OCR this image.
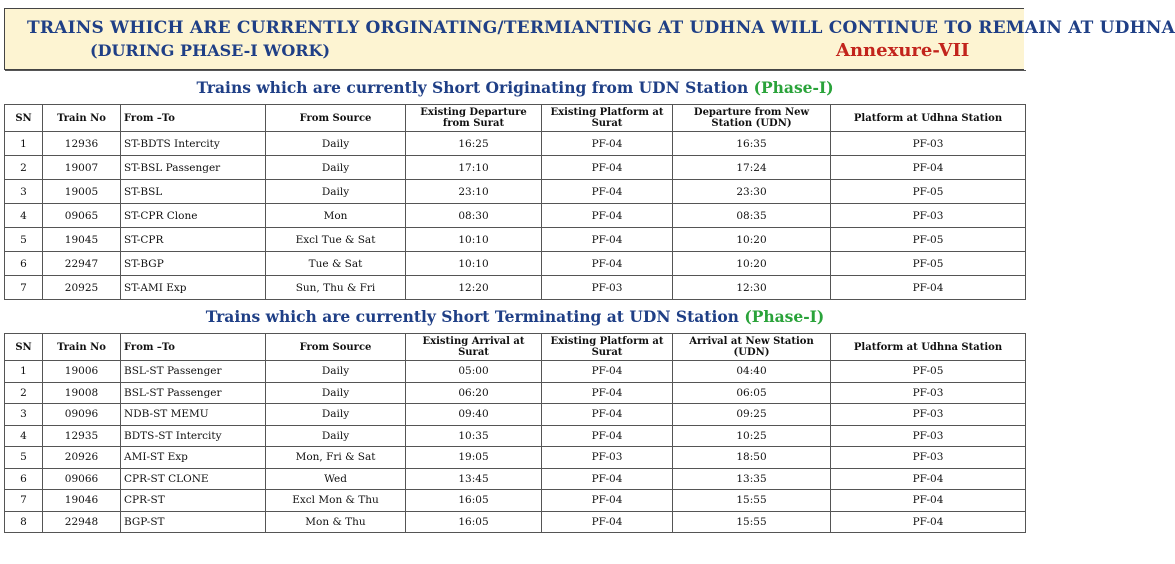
TRAINS WHICH ARE CURRENTLY ORGINATING/TERMIANTING AT UDHNA WILL CONTINUE TO REMAIN AT UDHNA
(DURING PHASE-I WORK)	Annexure-VII
Trains which are currently Short Originating from UDN Station (Phase-I)							
SN	Train No	From –To	From Source	Existing Departure from Surat	Existing Platform at Surat	Departure from New Station (UDN)	Platform at Udhna Station
1	12936	ST-BDTS Intercity	Daily	16:25	PF-04	16:35	PF-03
2	19007	ST-BSL Passenger	Daily	17:10	PF-04	17:24	PF-04
3	19005	ST-BSL	Daily	23:10	PF-04	23:30	PF-05
4	09065	ST-CPR Clone	Mon	08:30	PF-04	08:35	PF-03
5	19045	ST-CPR	Excl Tue & Sat	10:10	PF-04	10:20	PF-05
6	22947	ST-BGP	Tue & Sat	10:10	PF-04	10:20	PF-05
7	20925	ST-AMI Exp	Sun, Thu & Fri	12:20	PF-03	12:30	PF-04
Trains which are currently Short Terminating at UDN Station (Phase-I)							
SN	Train No	From –To	From Source	Existing Arrival at Surat	Existing Platform at Surat	Arrival at New Station (UDN)	Platform at Udhna Station
1	19006	BSL-ST Passenger	Daily	05:00	PF-04	04:40	PF-05
2	19008	BSL-ST Passenger	Daily	06:20	PF-04	06:05	PF-03
3	09096	NDB-ST MEMU	Daily	09:40	PF-04	09:25	PF-03
4	12935	BDTS-ST Intercity	Daily	10:35	PF-04	10:25	PF-03
5	20926	AMI-ST Exp	Mon, Fri & Sat	19:05	PF-03	18:50	PF-03
6	09066	CPR-ST CLONE	Wed	13:45	PF-04	13:35	PF-04
7	19046	CPR-ST	Excl Mon & Thu	16:05	PF-04	15:55	PF-04
8	22948	BGP-ST	Mon & Thu	16:05	PF-04	15:55	PF-04
